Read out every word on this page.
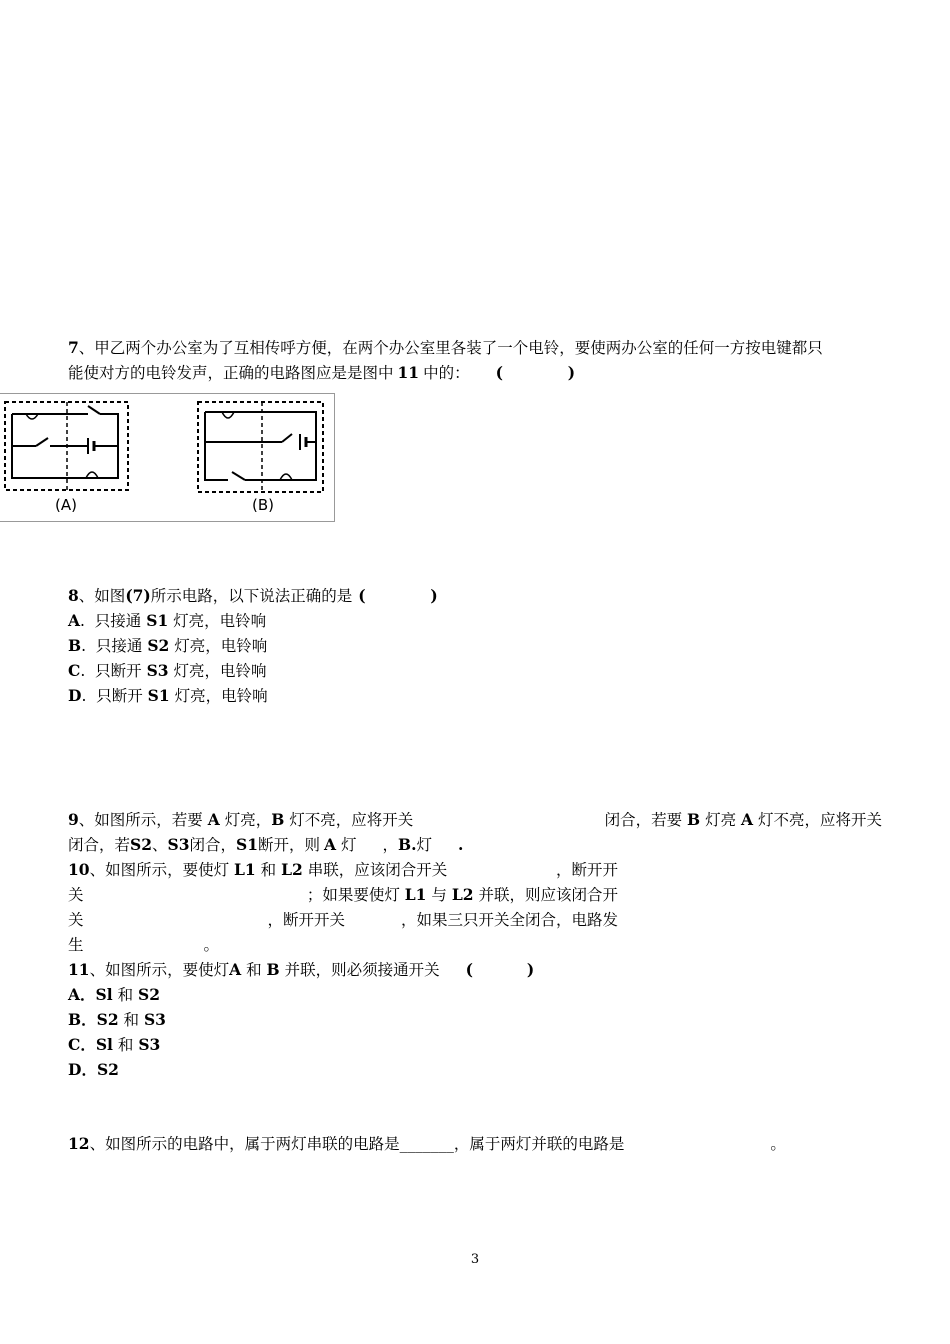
7、甲乙两个办公室为了互相传呼方便，在两个办公室里各装了一个电铃，要使两办公室的任何一方按电键都只
能使对方的电铃发声，正确的电路图应是是图中 11 中的： (            )
(A)	(B)
8、如图(7)所示电路，以下说法正确的是 (            )
A.  只接通 S1 灯亮，电铃响
B.  只接通 S2 灯亮，电铃响
C.  只断开 S3 灯亮，电铃响
D.  只断开 S1 灯亮，电铃响
9、如图所示，若要 A 灯亮，B 灯不亮，应将开关	闭合，若要 B 灯亮 A 灯不亮，应将开关
闭合，若S2、S3闭合，S1断开，则 A 灯 ，B.灯 .
10、如图所示，要使灯 L1 和 L2 串联，应该闭合开关	，断开开
关	；如果要使灯 L1 与 L2 并联，则应该闭合开
关	，断开开关	，如果三只开关全闭合，电路发
生	。
11、如图所示，要使灯A 和 B 并联，则必须接通开关 (          )
A．Sl 和 S2
B．S2 和 S3
C．Sl 和 S3
D．S2
12、如图所示的电路中，属于两灯串联的电路是_______，属于两灯并联的电路是	。
3
